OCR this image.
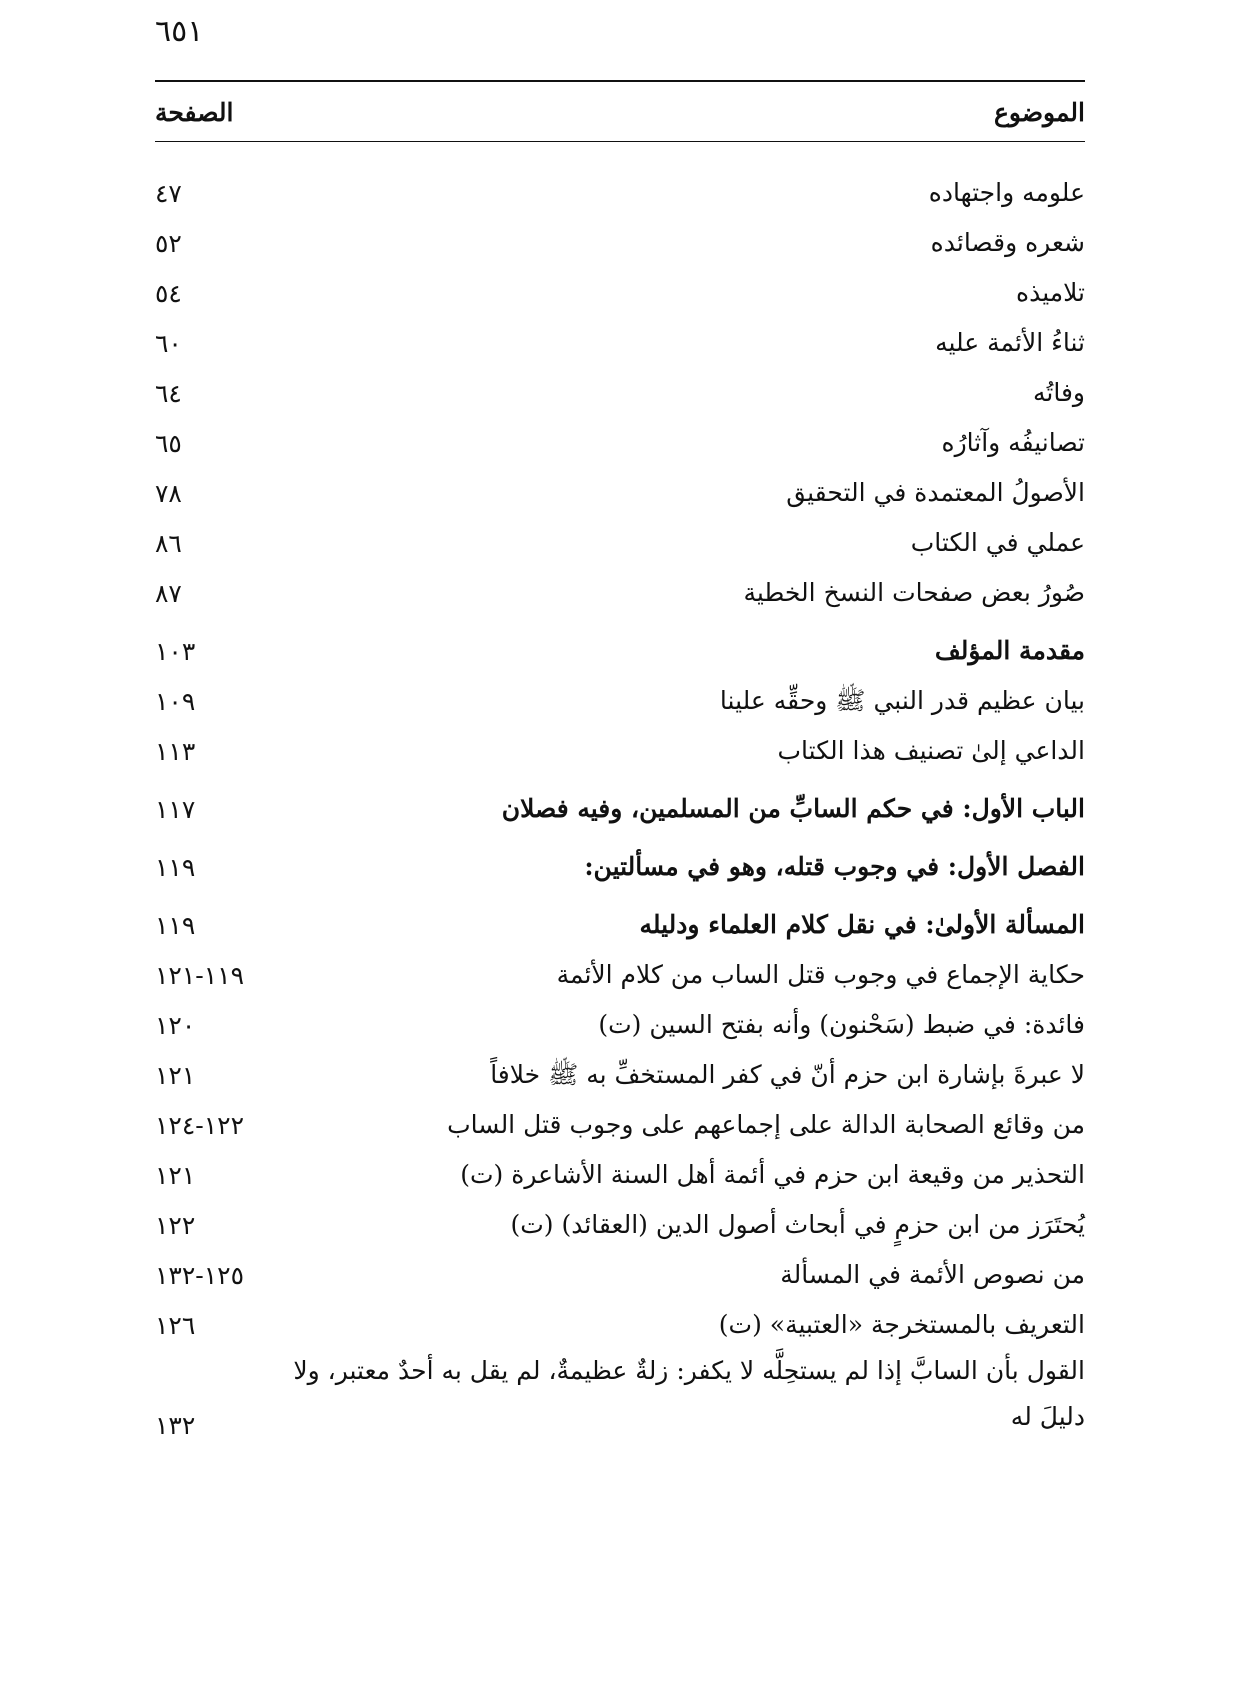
٦٥١
الموضوع
الصفحة
علومه واجتهاده
٤٧
شعره وقصائده
٥٢
تلاميذه
٥٤
ثناءُ الأئمة عليه
٦٠
وفاتُه
٦٤
تصانيفُه وآثارُه
٦٥
الأصولُ المعتمدة في التحقيق
٧٨
عملي في الكتاب
٨٦
صُورُ بعض صفحات النسخ الخطية
٨٧
مقدمة المؤلف
١٠٣
بيان عظيم قدر النبي ﷺ وحقِّه علينا
١٠٩
الداعي إلىٰ تصنيف هذا الكتاب
١١٣
الباب الأول: في حكم السابِّ من المسلمين، وفيه فصلان
١١٧
الفصل الأول: في وجوب قتله، وهو في مسألتين:
١١٩
المسألة الأولىٰ: في نقل كلام العلماء ودليله
١١٩
حكاية الإجماع في وجوب قتل الساب من كلام الأئمة
١١٩-١٢١
فائدة: في ضبط (سَحْنون) وأنه بفتح السين (ت)
١٢٠
لا عبرةَ بإشارة ابن حزم أنّ في كفر المستخفِّ به ﷺ خلافاً
١٢١
من وقائع الصحابة الدالة على إجماعهم على وجوب قتل الساب
١٢٢-١٢٤
التحذير من وقيعة ابن حزم في أئمة أهل السنة الأشاعرة (ت)
١٢١
يُحتَرَز من ابن حزمٍ في أبحاث أصول الدين (العقائد) (ت)
١٢٢
من نصوص الأئمة في المسألة
١٢٥-١٣٢
التعريف بالمستخرجة «العتبية» (ت)
١٢٦
القول بأن السابَّ إذا لم يستحِلَّه لا يكفر: زلةٌ عظيمةٌ، لم يقل به أحدٌ معتبر، ولا دليلَ له
١٣٢
